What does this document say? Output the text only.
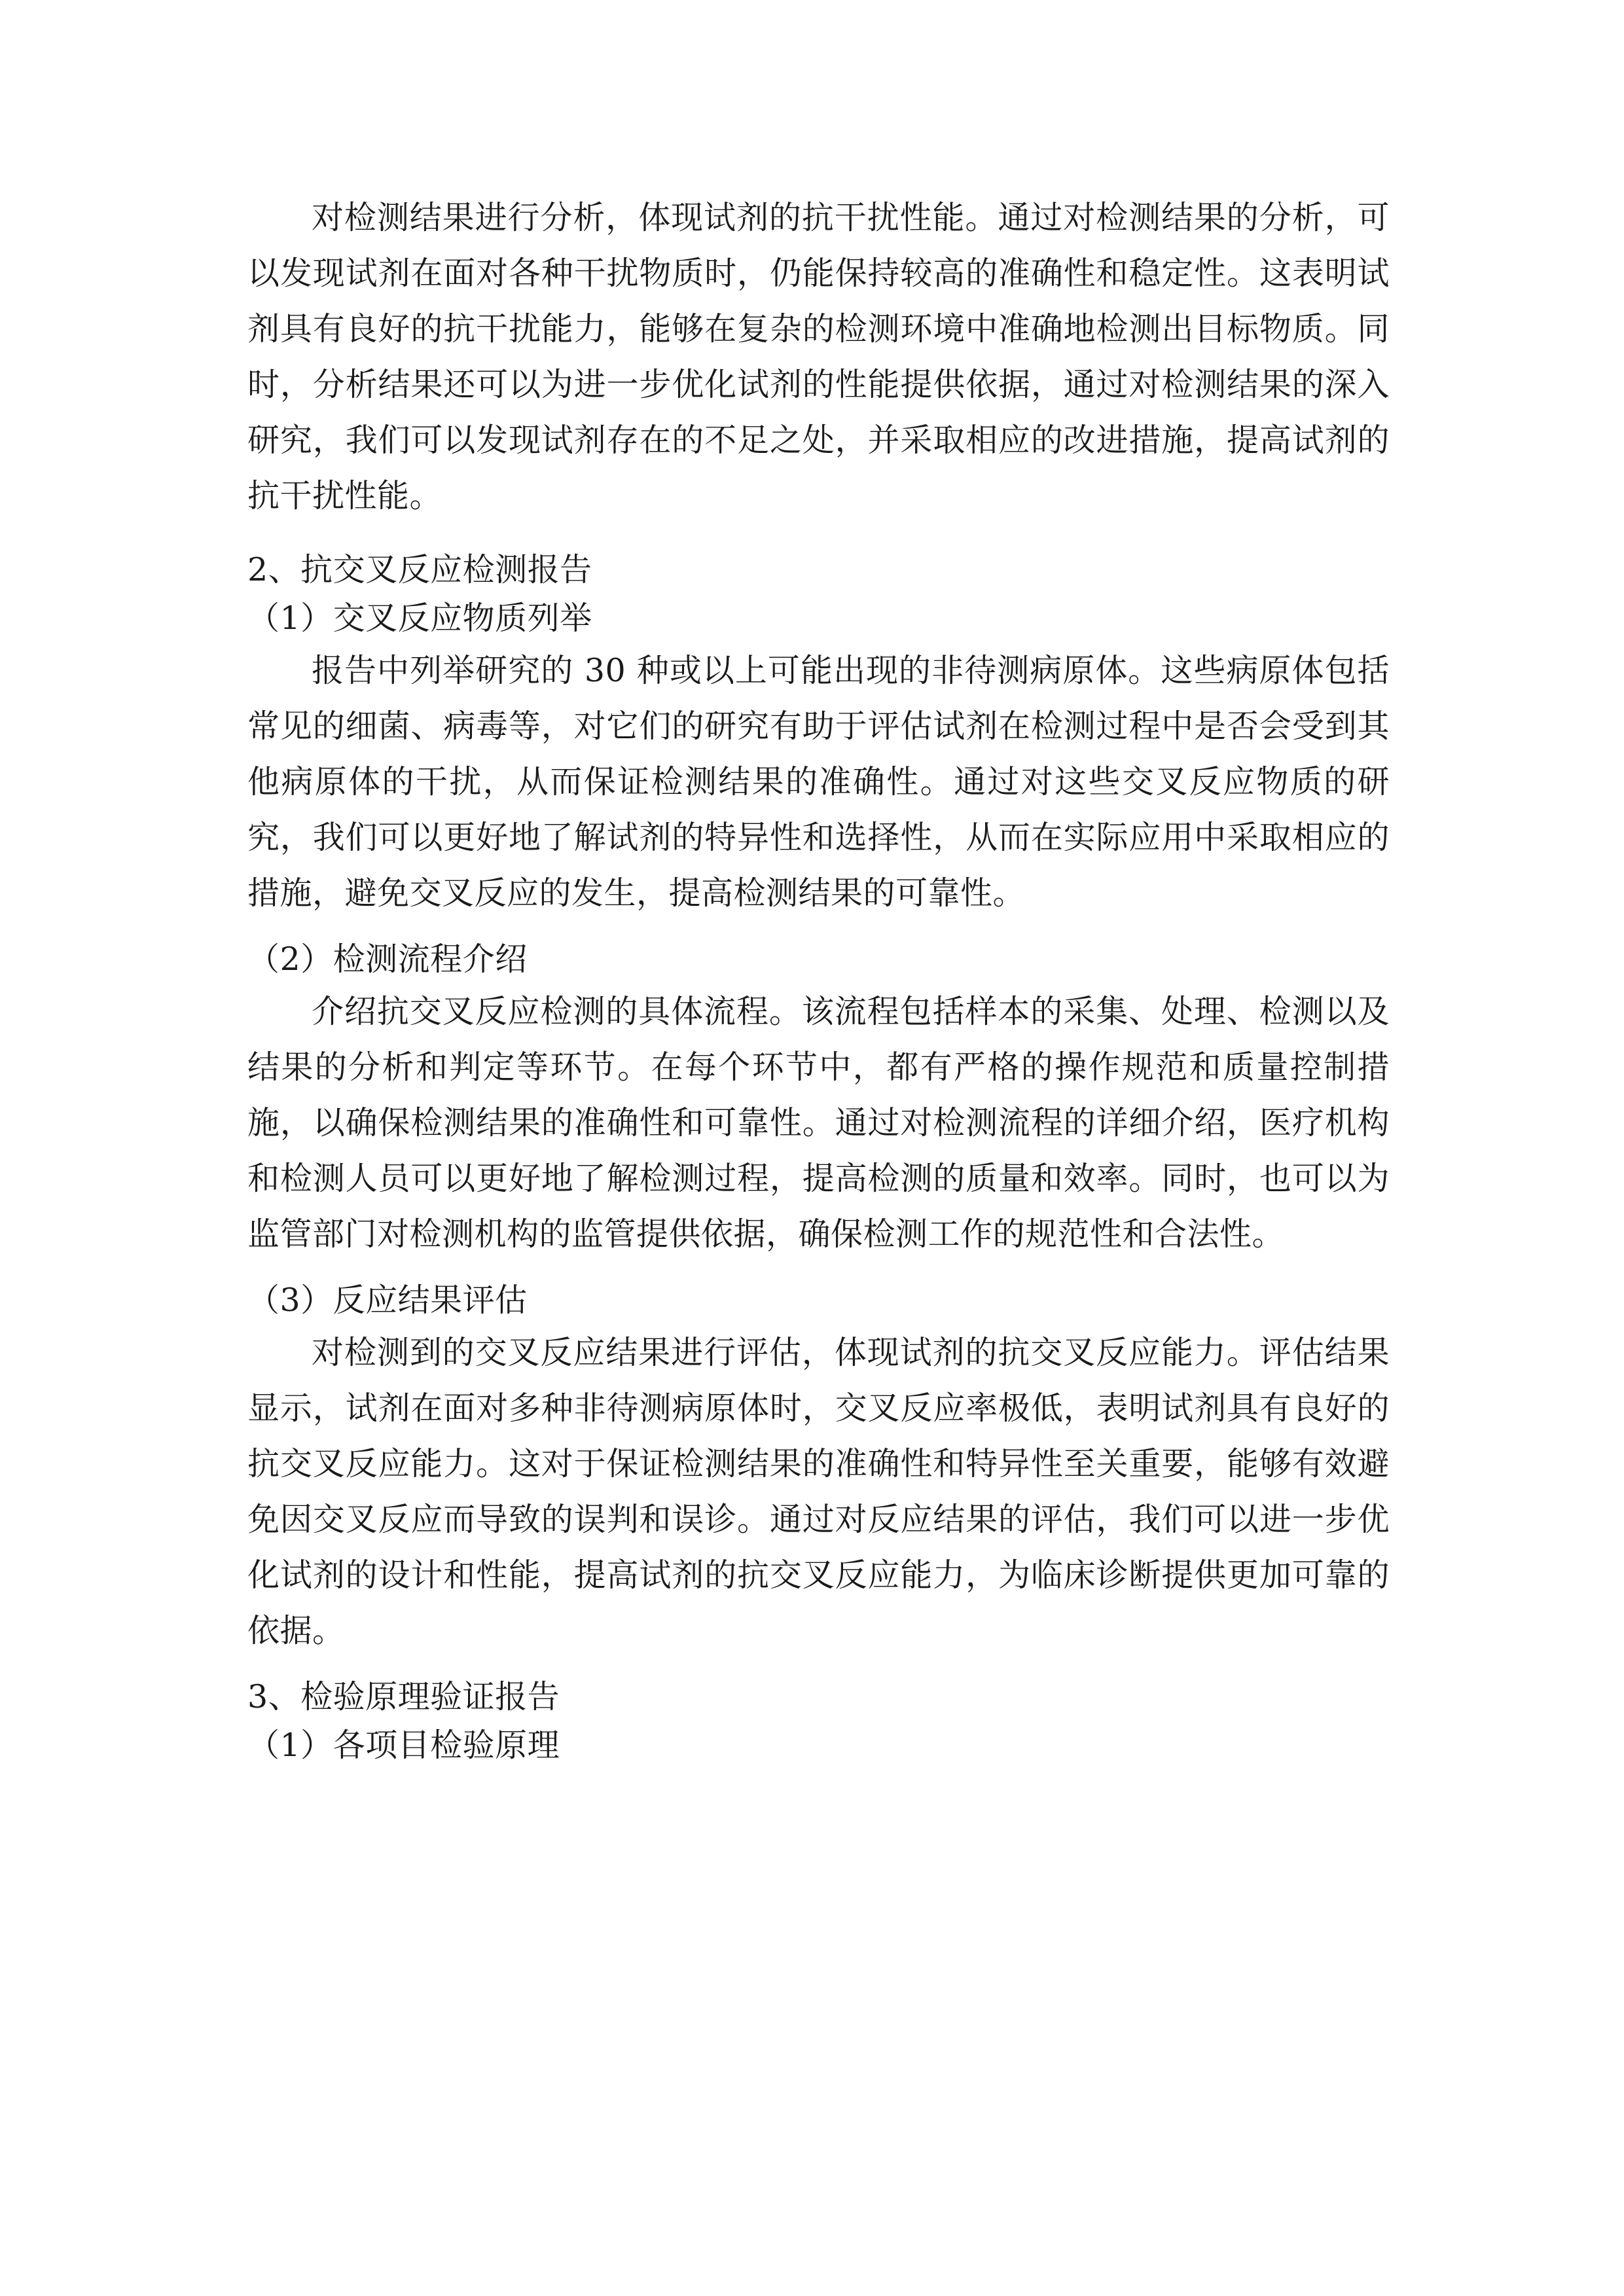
对检测结果进行分析，体现试剂的抗干扰性能。通过对检测结果的分析，可以发现试剂在面对各种干扰物质时，仍能保持较高的准确性和稳定性。这表明试剂具有良好的抗干扰能力，能够在复杂的检测环境中准确地检测出目标物质。同时，分析结果还可以为进一步优化试剂的性能提供依据，通过对检测结果的深入研究，我们可以发现试剂存在的不足之处，并采取相应的改进措施，提高试剂的抗干扰性能。

2、抗交叉反应检测报告

（1）交叉反应物质列举

报告中列举研究的 30 种或以上可能出现的非待测病原体。这些病原体包括常见的细菌、病毒等，对它们的研究有助于评估试剂在检测过程中是否会受到其他病原体的干扰，从而保证检测结果的准确性。通过对这些交叉反应物质的研究，我们可以更好地了解试剂的特异性和选择性，从而在实际应用中采取相应的措施，避免交叉反应的发生，提高检测结果的可靠性。

（2）检测流程介绍

介绍抗交叉反应检测的具体流程。该流程包括样本的采集、处理、检测以及结果的分析和判定等环节。在每个环节中，都有严格的操作规范和质量控制措施，以确保检测结果的准确性和可靠性。通过对检测流程的详细介绍，医疗机构和检测人员可以更好地了解检测过程，提高检测的质量和效率。同时，也可以为监管部门对检测机构的监管提供依据，确保检测工作的规范性和合法性。

（3）反应结果评估

对检测到的交叉反应结果进行评估，体现试剂的抗交叉反应能力。评估结果显示，试剂在面对多种非待测病原体时，交叉反应率极低，表明试剂具有良好的抗交叉反应能力。这对于保证检测结果的准确性和特异性至关重要，能够有效避免因交叉反应而导致的误判和误诊。通过对反应结果的评估，我们可以进一步优化试剂的设计和性能，提高试剂的抗交叉反应能力，为临床诊断提供更加可靠的依据。

3、检验原理验证报告

（1）各项目检验原理
